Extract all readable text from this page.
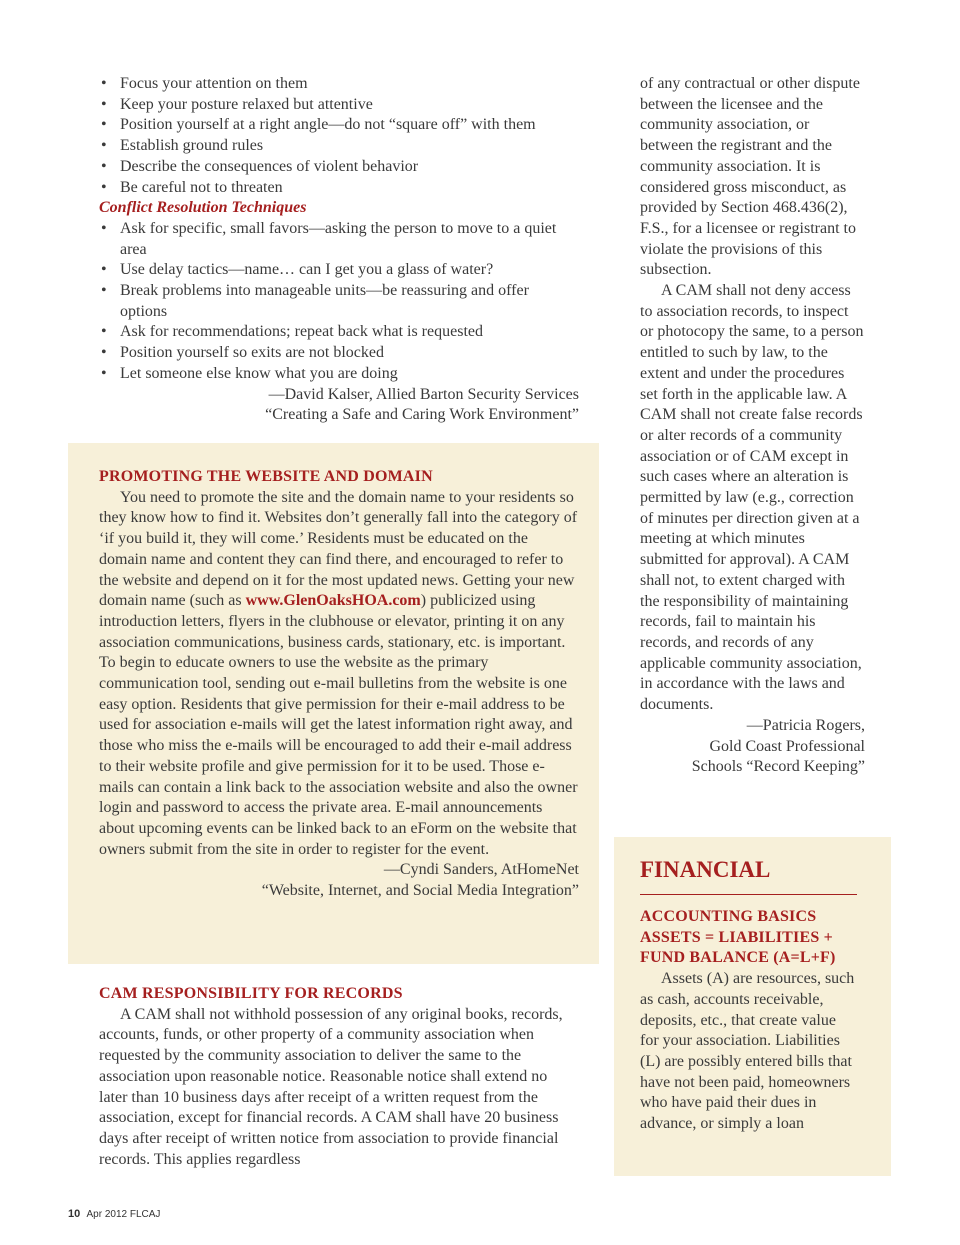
• Focus your attention on them
• Keep your posture relaxed but attentive
• Position yourself at a right angle—do not “square off” with them
• Establish ground rules
• Describe the consequences of violent behavior
• Be careful not to threaten
Conflict Resolution Techniques
• Ask for specific, small favors—asking the person to move to a quiet area
• Use delay tactics—name… can I get you a glass of water?
• Break problems into manageable units—be reassuring and offer options
• Ask for recommendations; repeat back what is requested
• Position yourself so exits are not blocked
• Let someone else know what you are doing
—David Kalser, Allied Barton Security Services
“Creating a Safe and Caring Work Environment”
PROMOTING THE WEBSITE AND DOMAIN

You need to promote the site and the domain name to your residents so they know how to find it. Websites don’t generally fall into the category of ‘if you build it, they will come.’ Residents must be educated on the domain name and content they can find there, and encouraged to refer to the website and depend on it for the most updated news. Getting your new domain name (such as www.GlenOaksHOA.com) publicized using introduction letters, flyers in the clubhouse or elevator, printing it on any association communications, business cards, stationary, etc. is important. To begin to educate owners to use the website as the primary communication tool, sending out e-mail bulletins from the website is one easy option. Residents that give permission for their e-mail address to be used for association e-mails will get the latest information right away, and those who miss the e-mails will be encouraged to add their e-mail address to their website profile and give permission for it to be used. Those e-mails can contain a link back to the association website and also the owner login and password to access the private area. E-mail announcements about upcoming events can be linked back to an eForm on the website that owners submit from the site in order to register for the event.

—Cyndi Sanders, AtHomeNet
“Website, Internet, and Social Media Integration”
CAM RESPONSIBILITY FOR RECORDS

A CAM shall not withhold possession of any original books, records, accounts, funds, or other property of a community association when requested by the community association to deliver the same to the association upon reasonable notice. Reasonable notice shall extend no later than 10 business days after receipt of a written request from the association, except for financial records. A CAM shall have 20 business days after receipt of written notice from association to provide financial records. This applies regardless

of any contractual or other dispute between the licensee and the community association, or between the registrant and the community association. It is considered gross misconduct, as provided by Section 468.436(2), F.S., for a licensee or registrant to violate the provisions of this subsection.

A CAM shall not deny access to association records, to inspect or photocopy the same, to a person entitled to such by law, to the extent and under the procedures set forth in the applicable law. A CAM shall not create false records or alter records of a community association or of CAM except in such cases where an alteration is permitted by law (e.g., correction of minutes per direction given at a meeting at which minutes submitted for approval). A CAM shall not, to extent charged with the responsibility of maintaining records, fail to maintain his records, and records of any applicable community association, in accordance with the laws and documents.

—Patricia Rogers,
Gold Coast Professional
Schools “Record Keeping”
FINANCIAL
ACCOUNTING BASICS
ASSETS = LIABILITIES + FUND BALANCE (A=L+F)

Assets (A) are resources, such as cash, accounts receivable, deposits, etc., that create value for your association. Liabilities (L) are possibly entered bills that have not been paid, homeowners who have paid their dues in advance, or simply a loan

10 Apr 2012 FLCAJ
